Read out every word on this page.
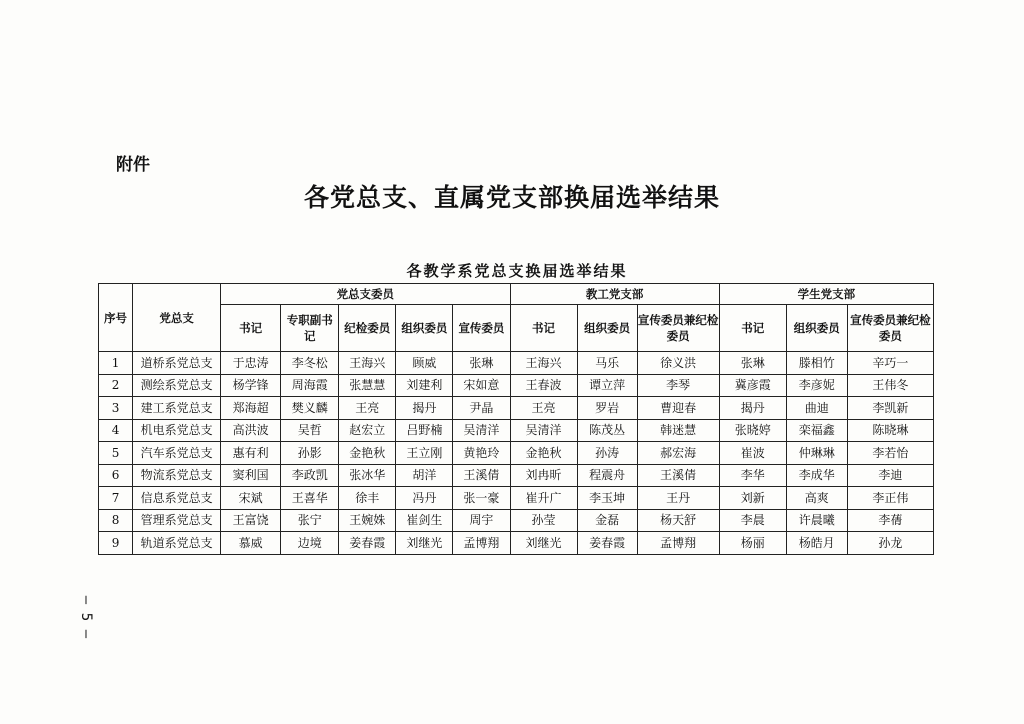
附件
各党总支、直属党支部换届选举结果
各教学系党总支换届选举结果
序号	党总支	党总支委员					教工党支部			学生党支部		
		书记	专职副书记	纪检委员	组织委员	宣传委员	书记	组织委员	宣传委员兼纪检委员	书记	组织委员	宣传委员兼纪检委员
1	道桥系党总支	于忠涛	李冬松	王海兴	顾威	张琳	王海兴	马乐	徐义洪	张琳	滕相竹	辛巧一
2	测绘系党总支	杨学锋	周海霞	张慧慧	刘建利	宋如意	王春波	谭立萍	李琴	冀彦霞	李彦妮	王伟冬
3	建工系党总支	郑海超	樊义麟	王亮	揭丹	尹晶	王亮	罗岩	曹迎春	揭丹	曲迪	李凯新
4	机电系党总支	高洪波	吴哲	赵宏立	吕野楠	吴清洋	吴清洋	陈茂丛	韩迷慧	张晓婷	栾福鑫	陈晓琳
5	汽车系党总支	惠有利	孙影	金艳秋	王立刚	黄艳玲	金艳秋	孙涛	郝宏海	崔波	仲琳琳	李若怡
6	物流系党总支	窦利国	李政凯	张冰华	胡洋	王溪倩	刘冉昕	程震舟	王溪倩	李华	李成华	李迪
7	信息系党总支	宋斌	王喜华	徐丰	冯丹	张一豪	崔升广	李玉坤	王丹	刘新	高爽	李正伟
8	管理系党总支	王富饶	张宁	王婉姝	崔剑生	周宇	孙莹	金磊	杨天舒	李晨	许晨曦	李蒨
9	轨道系党总支	慕威	边境	姜春霞	刘继光	孟博翔	刘继光	姜春霞	孟博翔	杨丽	杨皓月	孙龙
—
5
—
